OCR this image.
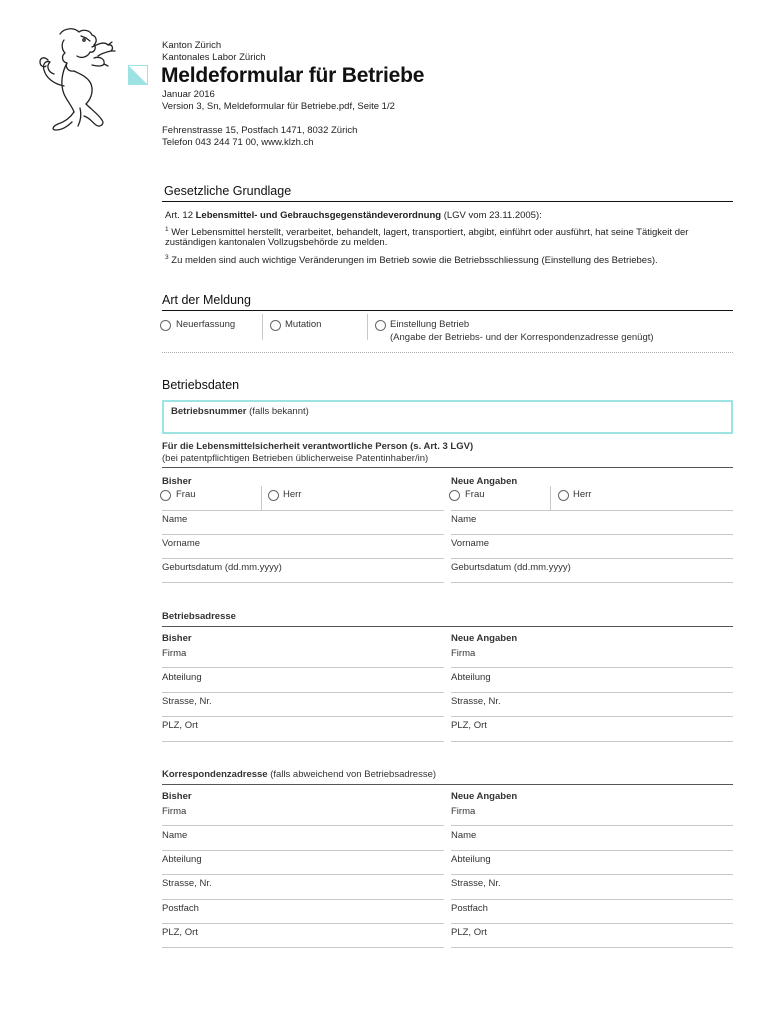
Kanton Zürich
Kantonales Labor Zürich
Meldeformular für Betriebe
Januar 2016
Version 3, Sn, Meldeformular für Betriebe.pdf, Seite 1/2
Fehrenstrasse 15, Postfach 1471, 8032 Zürich
Telefon 043 244 71 00, www.klzh.ch
Gesetzliche Grundlage
Art. 12 Lebensmittel- und Gebrauchsgegenständeverordnung (LGV vom 23.11.2005):
$^1$ Wer Lebensmittel herstellt, verarbeitet, behandelt, lagert, transportiert, abgibt, einführt oder ausführt, hat seine Tätigkeit der
zuständigen kantonalen Vollzugsbehörde zu melden.
$^3$ Zu melden sind auch wichtige Veränderungen im Betrieb sowie die Betriebsschliessung (Einstellung des Betriebes).
Art der Meldung
Neuerfassung	Mutation	Einstellung Betrieb
(Angabe der Betriebs- und der Korrespondenzadresse genügt)
Betriebsdaten
Betriebsnummer (falls bekannt)
Für die Lebensmittelsicherheit verantwortliche Person (s. Art. 3 LGV)
(bei patentpflichtigen Betrieben üblicherweise Patentinhaber/in)
Bisher
Frau	Herr
Neue Angaben
Frau	Herr
Name	Name
Vorname	Vorname
Geburtsdatum (dd.mm.yyyy)	Geburtsdatum (dd.mm.yyyy)
Betriebsadresse
Bisher	Neue Angaben
Firma	Firma
Abteilung	Abteilung
Strasse, Nr.	Strasse, Nr.
PLZ, Ort	PLZ, Ort
Korrespondenzadresse (falls abweichend von Betriebsadresse)
Bisher	Neue Angaben
Firma	Firma
Name	Name
Abteilung	Abteilung
Strasse, Nr.	Strasse, Nr.
Postfach	Postfach
PLZ, Ort	PLZ, Ort
